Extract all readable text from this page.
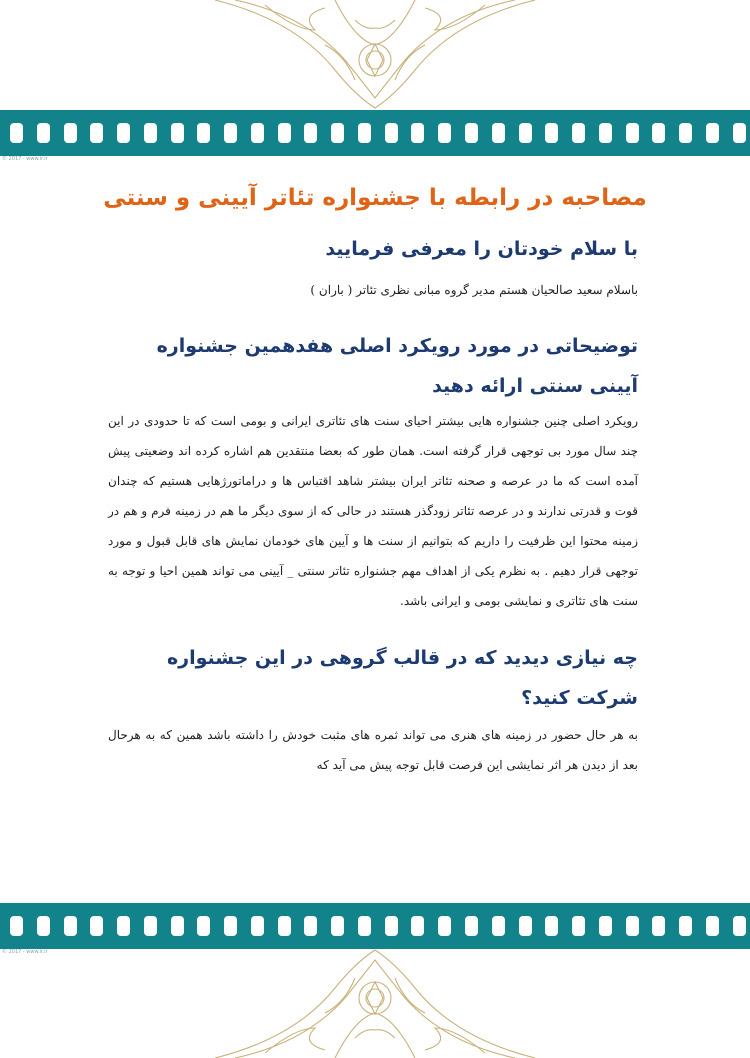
© 2017 - www.ir.ir
مصاحبه در رابطه با جشنواره تئاتر آیینی و سنتی
با سلام خودتان را معرفی فرمایید

باسلام سعید صالحیان هستم مدیر گروه مبانی نظری تئاتر ( باران )

توضیحاتی در مورد رویکرد اصلی هفدهمین جشنواره آیینی سنتی ارائه دهید

رویکرد اصلی چنین جشنواره هایی بیشتر احیای سنت های تئاتری ایرانی و بومی است که تا حدودی در این چند سال مورد بی توجهی قرار گرفته است. همان طور که بعضا منتقدین هم اشاره کرده اند وضعیتی پیش آمده است که ما در عرصه و صحنه تئاتر ایران بیشتر شاهد اقتباس ها و دراماتورژهایی هستیم که چندان قوت و قدرتی ندارند و در عرصه تئاتر زودگذر هستند در حالی که از سوی دیگر ما هم در زمینه فرم و هم در زمینه محتوا این ظرفیت را داریم که بتوانیم از سنت ها و آیین های خودمان نمایش های قابل قبول و مورد توجهی قرار دهیم . به نظرم یکی از اهداف مهم جشنواره تئاتر سنتی _ آیینی می تواند همین احیا و توجه به سنت های تئاتری و نمایشی بومی و ایرانی باشد.

چه نیازی دیدید که در قالب گروهی در این جشنواره شرکت کنید؟

به هر حال حضور در زمینه های هنری می تواند ثمره های مثبت خودش را داشته باشد همین که به هرحال بعد از دیدن هر اثر نمایشی این فرصت قابل توجه پیش می آید که

© 2017 - www.ir.ir
